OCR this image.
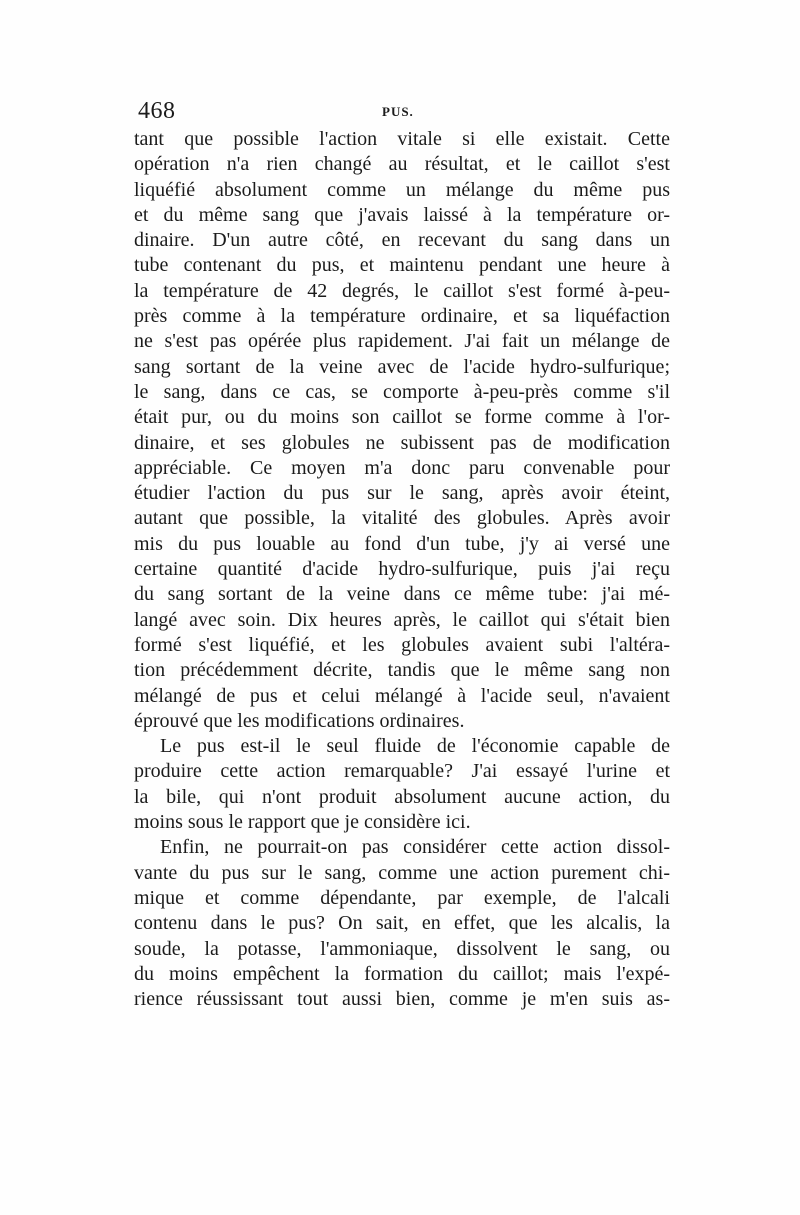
468	PUS.
tant que possible l'action vitale si elle existait. Cette
opération n'a rien changé au résultat, et le caillot s'est
liquéfié absolument comme un mélange du même pus
et du même sang que j'avais laissé à la température or-
dinaire. D'un autre côté, en recevant du sang dans un
tube contenant du pus, et maintenu pendant une heure à
la température de 42 degrés, le caillot s'est formé à-peu-
près comme à la température ordinaire, et sa liquéfaction
ne s'est pas opérée plus rapidement. J'ai fait un mélange de
sang sortant de la veine avec de l'acide hydro-sulfurique;
le sang, dans ce cas, se comporte à-peu-près comme s'il
était pur, ou du moins son caillot se forme comme à l'or-
dinaire, et ses globules ne subissent pas de modification
appréciable. Ce moyen m'a donc paru convenable pour
étudier l'action du pus sur le sang, après avoir éteint,
autant que possible, la vitalité des globules. Après avoir
mis du pus louable au fond d'un tube, j'y ai versé une
certaine quantité d'acide hydro-sulfurique, puis j'ai reçu
du sang sortant de la veine dans ce même tube: j'ai mé-
langé avec soin. Dix heures après, le caillot qui s'était bien
formé s'est liquéfié, et les globules avaient subi l'altéra-
tion précédemment décrite, tandis que le même sang non
mélangé de pus et celui mélangé à l'acide seul, n'avaient
éprouvé que les modifications ordinaires.
Le pus est-il le seul fluide de l'économie capable de
produire cette action remarquable? J'ai essayé l'urine et
la bile, qui n'ont produit absolument aucune action, du
moins sous le rapport que je considère ici.
Enfin, ne pourrait-on pas considérer cette action dissol-
vante du pus sur le sang, comme une action purement chi-
mique et comme dépendante, par exemple, de l'alcali
contenu dans le pus? On sait, en effet, que les alcalis, la
soude, la potasse, l'ammoniaque, dissolvent le sang, ou
du moins empêchent la formation du caillot; mais l'expé-
rience réussissant tout aussi bien, comme je m'en suis as-
